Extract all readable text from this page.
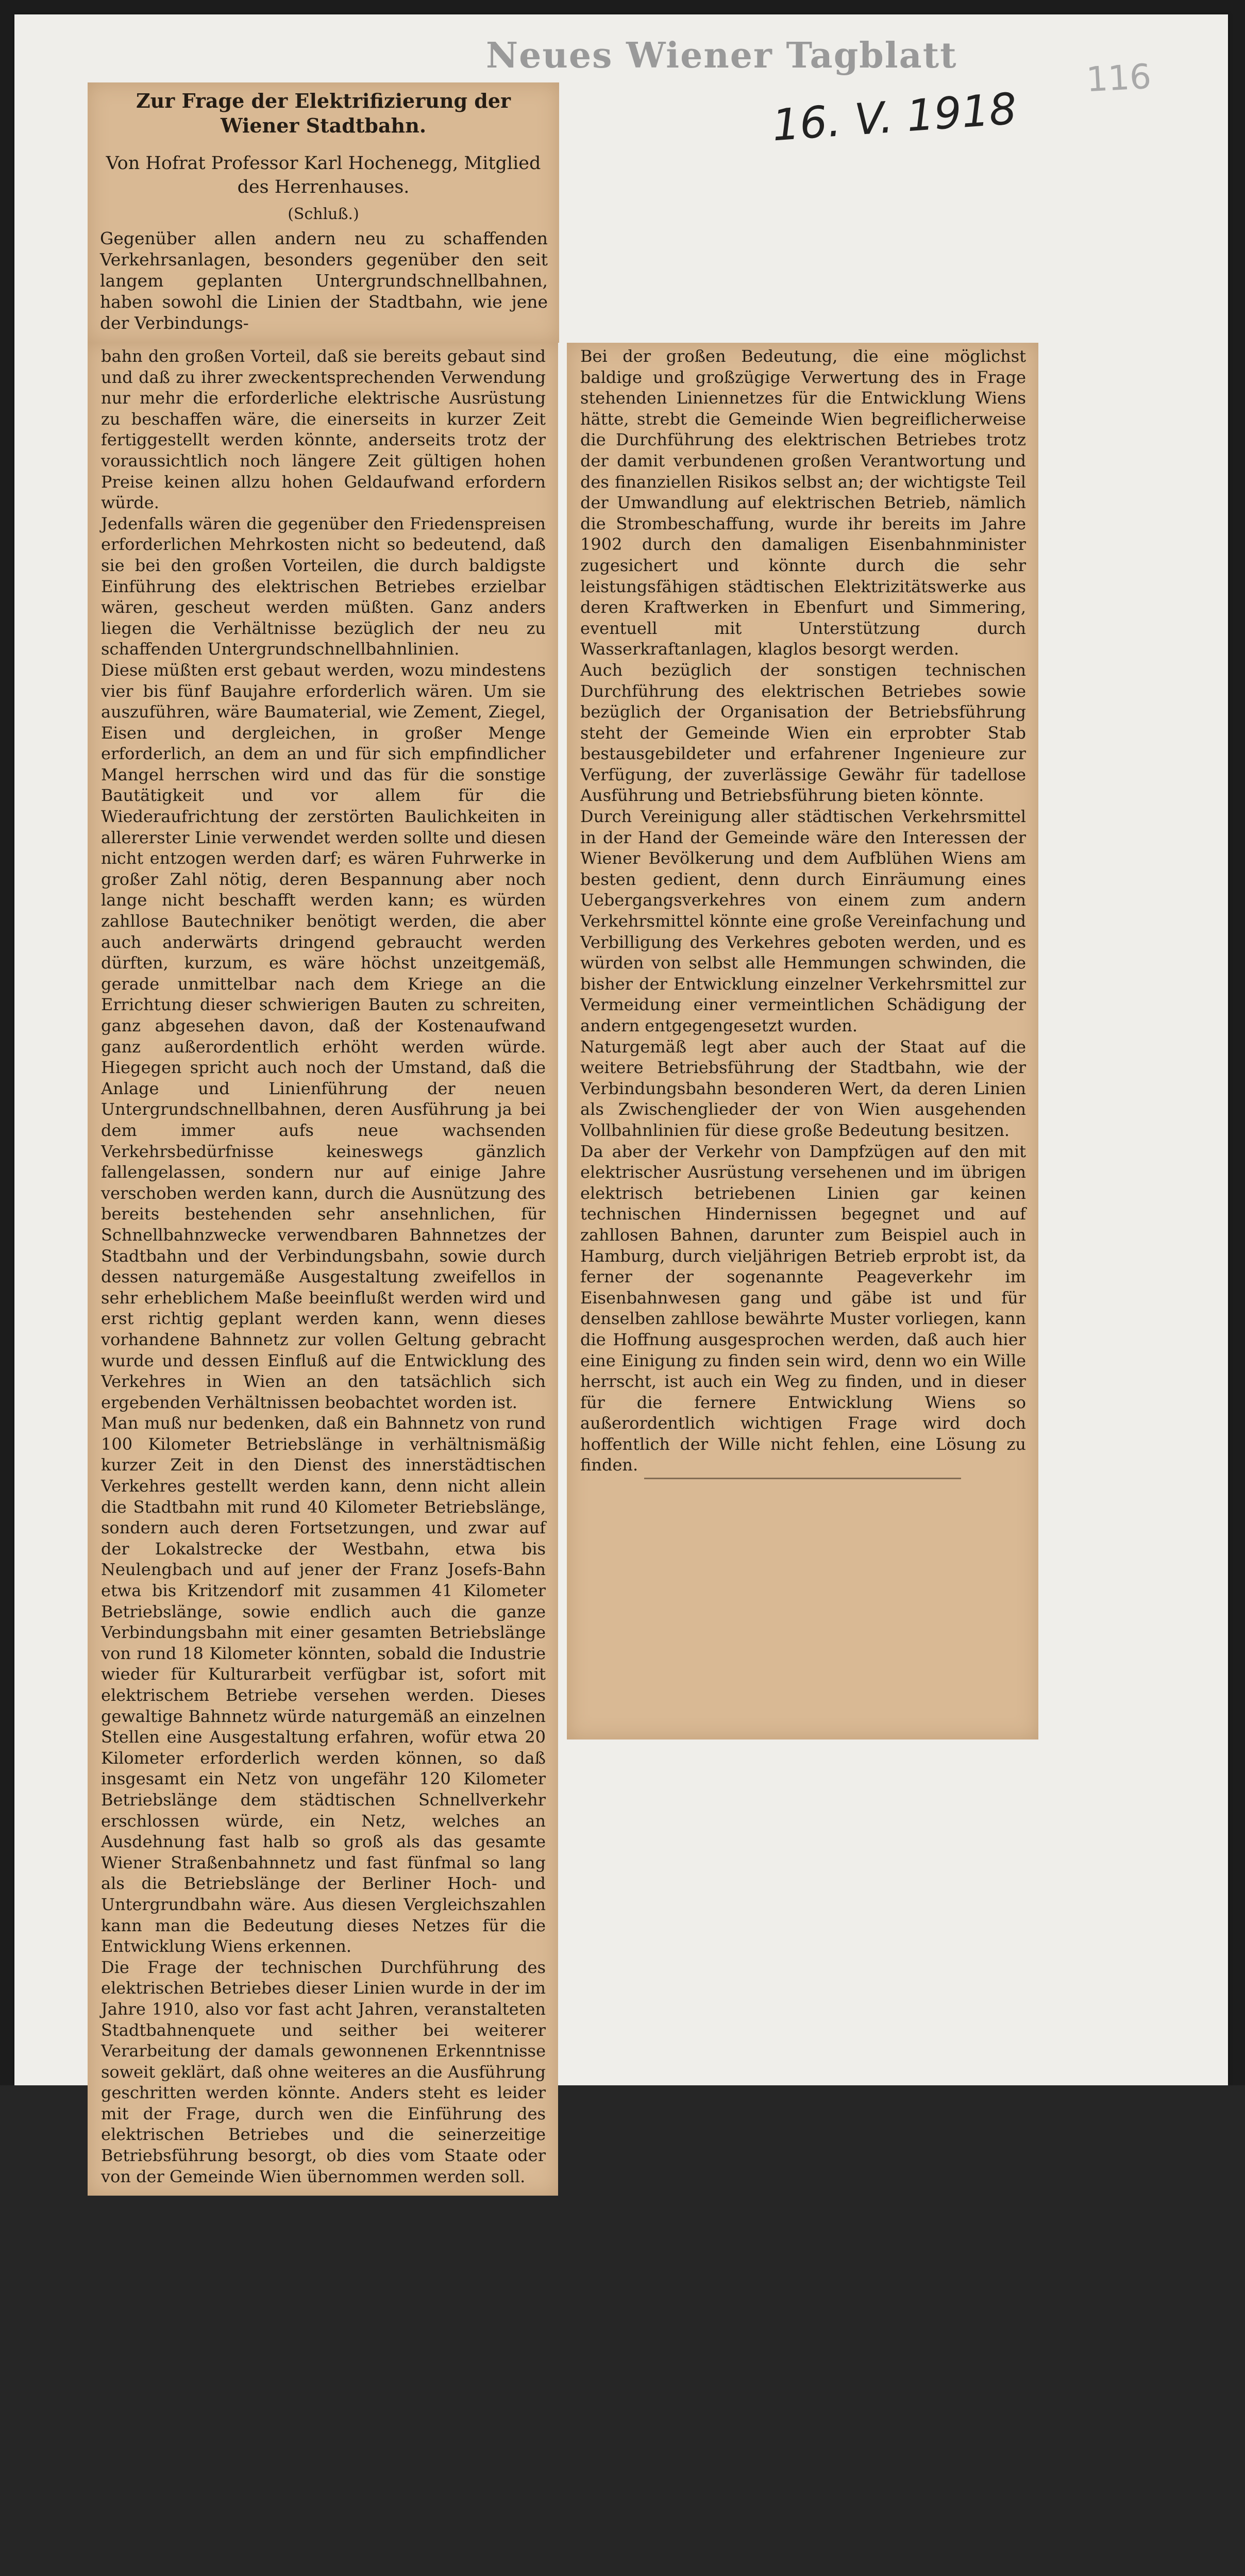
Neues Wiener Tagblatt
16. V. 1918
116
Zur Frage der Elektrifizierung der Wiener Stadtbahn.
Von Hofrat Professor Karl Hochenegg, Mitglied des Herrenhauses.
(Schluß.)
Gegenüber allen andern neu zu schaffenden Verkehrsanlagen, besonders gegenüber den seit langem geplanten Untergrundschnellbahnen, haben sowohl die Linien der Stadtbahn, wie jene der Verbindungs-
bahn den großen Vorteil, daß sie bereits gebaut sind und daß zu ihrer zweckentsprechenden Verwendung nur mehr die erforderliche elektrische Ausrüstung zu beschaffen wäre, die einerseits in kurzer Zeit fertiggestellt werden könnte, anderseits trotz der voraussichtlich noch längere Zeit gültigen hohen Preise keinen allzu hohen Geldaufwand erfordern würde.
Jedenfalls wären die gegenüber den Friedenspreisen erforderlichen Mehrkosten nicht so bedeutend, daß sie bei den großen Vorteilen, die durch baldigste Einführung des elektrischen Betriebes erzielbar wären, gescheut werden müßten. Ganz anders liegen die Verhältnisse bezüglich der neu zu schaffenden Untergrundschnellbahnlinien.
Diese müßten erst gebaut werden, wozu mindestens vier bis fünf Baujahre erforderlich wären. Um sie auszuführen, wäre Baumaterial, wie Zement, Ziegel, Eisen und dergleichen, in großer Menge erforderlich, an dem an und für sich empfindlicher Mangel herrschen wird und das für die sonstige Bautätigkeit und vor allem für die Wiederaufrichtung der zerstörten Baulichkeiten in allererster Linie verwendet werden sollte und diesen nicht entzogen werden darf; es wären Fuhrwerke in großer Zahl nötig, deren Bespannung aber noch lange nicht beschafft werden kann; es würden zahllose Bautechniker benötigt werden, die aber auch anderwärts dringend gebraucht werden dürften, kurzum, es wäre höchst unzeitgemäß, gerade unmittelbar nach dem Kriege an die Errichtung dieser schwierigen Bauten zu schreiten, ganz abgesehen davon, daß der Kostenaufwand ganz außerordentlich erhöht werden würde. Hiegegen spricht auch noch der Umstand, daß die Anlage und Linienführung der neuen Untergrundschnellbahnen, deren Ausführung ja bei dem immer aufs neue wachsenden Verkehrsbedürfnisse keineswegs gänzlich fallengelassen, sondern nur auf einige Jahre verschoben werden kann, durch die Ausnützung des bereits bestehenden sehr ansehnlichen, für Schnellbahnzwecke verwendbaren Bahnnetzes der Stadtbahn und der Verbindungsbahn, sowie durch dessen naturgemäße Ausgestaltung zweifellos in sehr erheblichem Maße beeinflußt werden wird und erst richtig geplant werden kann, wenn dieses vorhandene Bahnnetz zur vollen Geltung gebracht wurde und dessen Einfluß auf die Entwicklung des Verkehres in Wien an den tatsächlich sich ergebenden Verhältnissen beobachtet worden ist.
Man muß nur bedenken, daß ein Bahnnetz von rund 100 Kilometer Betriebslänge in verhältnismäßig kurzer Zeit in den Dienst des innerstädtischen Verkehres gestellt werden kann, denn nicht allein die Stadtbahn mit rund 40 Kilometer Betriebslänge, sondern auch deren Fortsetzungen, und zwar auf der Lokalstrecke der Westbahn, etwa bis Neulengbach und auf jener der Franz Josefs-Bahn etwa bis Kritzendorf mit zusammen 41 Kilometer Betriebslänge, sowie endlich auch die ganze Verbindungsbahn mit einer gesamten Betriebslänge von rund 18 Kilometer könnten, sobald die Industrie wieder für Kulturarbeit verfügbar ist, sofort mit elektrischem Betriebe versehen werden. Dieses gewaltige Bahnnetz würde naturgemäß an einzelnen Stellen eine Ausgestaltung erfahren, wofür etwa 20 Kilometer erforderlich werden können, so daß insgesamt ein Netz von ungefähr 120 Kilometer Betriebslänge dem städtischen Schnellverkehr erschlossen würde, ein Netz, welches an Ausdehnung fast halb so groß als das gesamte Wiener Straßenbahnnetz und fast fünfmal so lang als die Betriebslänge der Berliner Hoch- und Untergrundbahn wäre. Aus diesen Vergleichszahlen kann man die Bedeutung dieses Netzes für die Entwicklung Wiens erkennen.
Die Frage der technischen Durchführung des elektrischen Betriebes dieser Linien wurde in der im Jahre 1910, also vor fast acht Jahren, veranstalteten Stadtbahnenquete und seither bei weiterer Verarbeitung der damals gewonnenen Erkenntnisse soweit geklärt, daß ohne weiteres an die Ausführung geschritten werden könnte. Anders steht es leider mit der Frage, durch wen die Einführung des elektrischen Betriebes und die seinerzeitige Betriebsführung besorgt, ob dies vom Staate oder von der Gemeinde Wien übernommen werden soll.
Bei der großen Bedeutung, die eine möglichst baldige und großzügige Verwertung des in Frage stehenden Liniennetzes für die Entwicklung Wiens hätte, strebt die Gemeinde Wien begreiflicherweise die Durchführung des elektrischen Betriebes trotz der damit verbundenen großen Verantwortung und des finanziellen Risikos selbst an; der wichtigste Teil der Umwandlung auf elektrischen Betrieb, nämlich die Strombeschaffung, wurde ihr bereits im Jahre 1902 durch den damaligen Eisenbahnminister zugesichert und könnte durch die sehr leistungsfähigen städtischen Elektrizitätswerke aus deren Kraftwerken in Ebenfurt und Simmering, eventuell mit Unterstützung durch Wasserkraftanlagen, klaglos besorgt werden.
Auch bezüglich der sonstigen technischen Durchführung des elektrischen Betriebes sowie bezüglich der Organisation der Betriebsführung steht der Gemeinde Wien ein erprobter Stab bestausgebildeter und erfahrener Ingenieure zur Verfügung, der zuverlässige Gewähr für tadellose Ausführung und Betriebsführung bieten könnte.
Durch Vereinigung aller städtischen Verkehrsmittel in der Hand der Gemeinde wäre den Interessen der Wiener Bevölkerung und dem Aufblühen Wiens am besten gedient, denn durch Einräumung eines Uebergangsverkehres von einem zum andern Verkehrsmittel könnte eine große Vereinfachung und Verbilligung des Verkehres geboten werden, und es würden von selbst alle Hemmungen schwinden, die bisher der Entwicklung einzelner Verkehrsmittel zur Vermeidung einer vermeintlichen Schädigung der andern entgegengesetzt wurden.
Naturgemäß legt aber auch der Staat auf die weitere Betriebsführung der Stadtbahn, wie der Verbindungsbahn besonderen Wert, da deren Linien als Zwischenglieder der von Wien ausgehenden Vollbahnlinien für diese große Bedeutung besitzen.
Da aber der Verkehr von Dampfzügen auf den mit elektrischer Ausrüstung versehenen und im übrigen elektrisch betriebenen Linien gar keinen technischen Hindernissen begegnet und auf zahllosen Bahnen, darunter zum Beispiel auch in Hamburg, durch vieljährigen Betrieb erprobt ist, da ferner der sogenannte Peageverkehr im Eisenbahnwesen gang und gäbe ist und für denselben zahllose bewährte Muster vorliegen, kann die Hoffnung ausgesprochen werden, daß auch hier eine Einigung zu finden sein wird, denn wo ein Wille herrscht, ist auch ein Weg zu finden, und in dieser für die fernere Entwicklung Wiens so außerordentlich wichtigen Frage wird doch hoffentlich der Wille nicht fehlen, eine Lösung zu finden.
